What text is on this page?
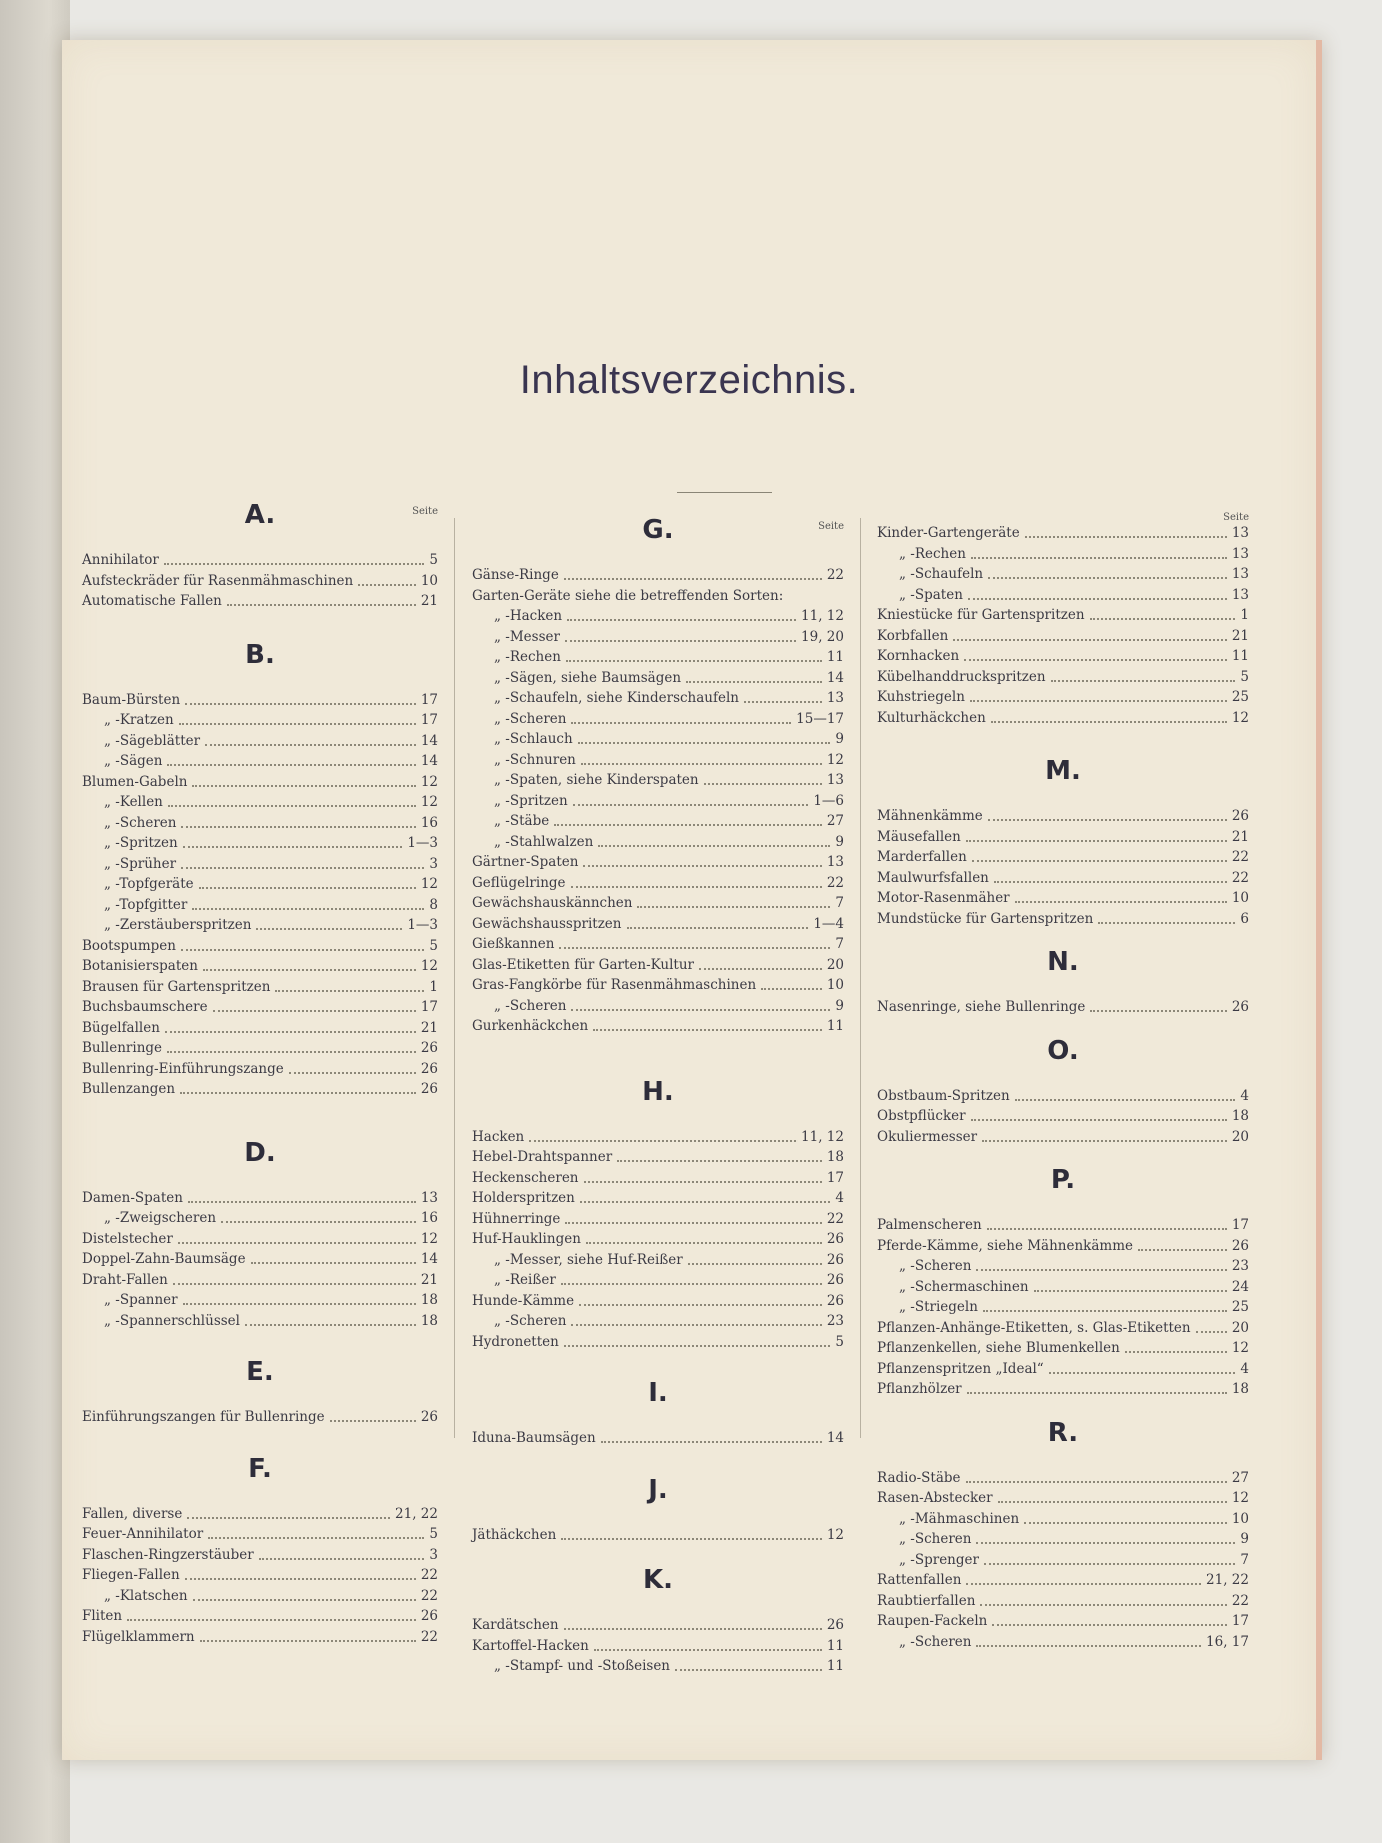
Inhaltsverzeichnis.
A.	Seite
Annihilator	5
Aufsteckräder für Rasenmähmaschinen	10
Automatische Fallen	21
B.
Baum-Bürsten	17
„ -Kratzen	17
„ -Sägeblätter	14
„ -Sägen	14
Blumen-Gabeln	12
„ -Kellen	12
„ -Scheren	16
„ -Spritzen	1—3
„ -Sprüher	3
„ -Topfgeräte	12
„ -Topfgitter	8
„ -Zerstäuberspritzen	1—3
Bootspumpen	5
Botanisierspaten	12
Brausen für Gartenspritzen	1
Buchsbaumschere	17
Bügelfallen	21
Bullenringe	26
Bullenring-Einführungszange	26
Bullenzangen	26
D.
Damen-Spaten	13
„ -Zweigscheren	16
Distelstecher	12
Doppel-Zahn-Baumsäge	14
Draht-Fallen	21
„ -Spanner	18
„ -Spannerschlüssel	18
E.
Einführungszangen für Bullenringe	26
F.
Fallen, diverse	21, 22
Feuer-Annihilator	5
Flaschen-Ringzerstäuber	3
Fliegen-Fallen	22
„ -Klatschen	22
Fliten	26
Flügelklammern	22
G.	Seite
Gänse-Ringe	22
Garten-Geräte siehe die betreffenden Sorten:
„ -Hacken	11, 12
„ -Messer	19, 20
„ -Rechen	11
„ -Sägen, siehe Baumsägen	14
„ -Schaufeln, siehe Kinderschaufeln	13
„ -Scheren	15—17
„ -Schlauch	9
„ -Schnuren	12
„ -Spaten, siehe Kinderspaten	13
„ -Spritzen	1—6
„ -Stäbe	27
„ -Stahlwalzen	9
Gärtner-Spaten	13
Geflügelringe	22
Gewächshauskännchen	7
Gewächshausspritzen	1—4
Gießkannen	7
Glas-Etiketten für Garten-Kultur	20
Gras-Fangkörbe für Rasenmähmaschinen	10
„ -Scheren	9
Gurkenhäckchen	11
H.
Hacken	11, 12
Hebel-Drahtspanner	18
Heckenscheren	17
Holderspritzen	4
Hühnerringe	22
Huf-Hauklingen	26
„ -Messer, siehe Huf-Reißer	26
„ -Reißer	26
Hunde-Kämme	26
„ -Scheren	23
Hydronetten	5
I.
Iduna-Baumsägen	14
J.
Jäthäckchen	12
K.
Kardätschen	26
Kartoffel-Hacken	11
„ -Stampf- und -Stoßeisen	11
Seite
Kinder-Gartengeräte	13
„ -Rechen	13
„ -Schaufeln	13
„ -Spaten	13
Kniestücke für Gartenspritzen	1
Korbfallen	21
Kornhacken	11
Kübelhanddruckspritzen	5
Kuhstriegeln	25
Kulturhäckchen	12
M.
Mähnenkämme	26
Mäusefallen	21
Marderfallen	22
Maulwurfsfallen	22
Motor-Rasenmäher	10
Mundstücke für Gartenspritzen	6
N.
Nasenringe, siehe Bullenringe	26
O.
Obstbaum-Spritzen	4
Obstpflücker	18
Okuliermesser	20
P.
Palmenscheren	17
Pferde-Kämme, siehe Mähnenkämme	26
„ -Scheren	23
„ -Schermaschinen	24
„ -Striegeln	25
Pflanzen-Anhänge-Etiketten, s. Glas-Etiketten	20
Pflanzenkellen, siehe Blumenkellen	12
Pflanzenspritzen „Ideal“	4
Pflanzhölzer	18
R.
Radio-Stäbe	27
Rasen-Abstecker	12
„ -Mähmaschinen	10
„ -Scheren	9
„ -Sprenger	7
Rattenfallen	21, 22
Raubtierfallen	22
Raupen-Fackeln	17
„ -Scheren	16, 17
